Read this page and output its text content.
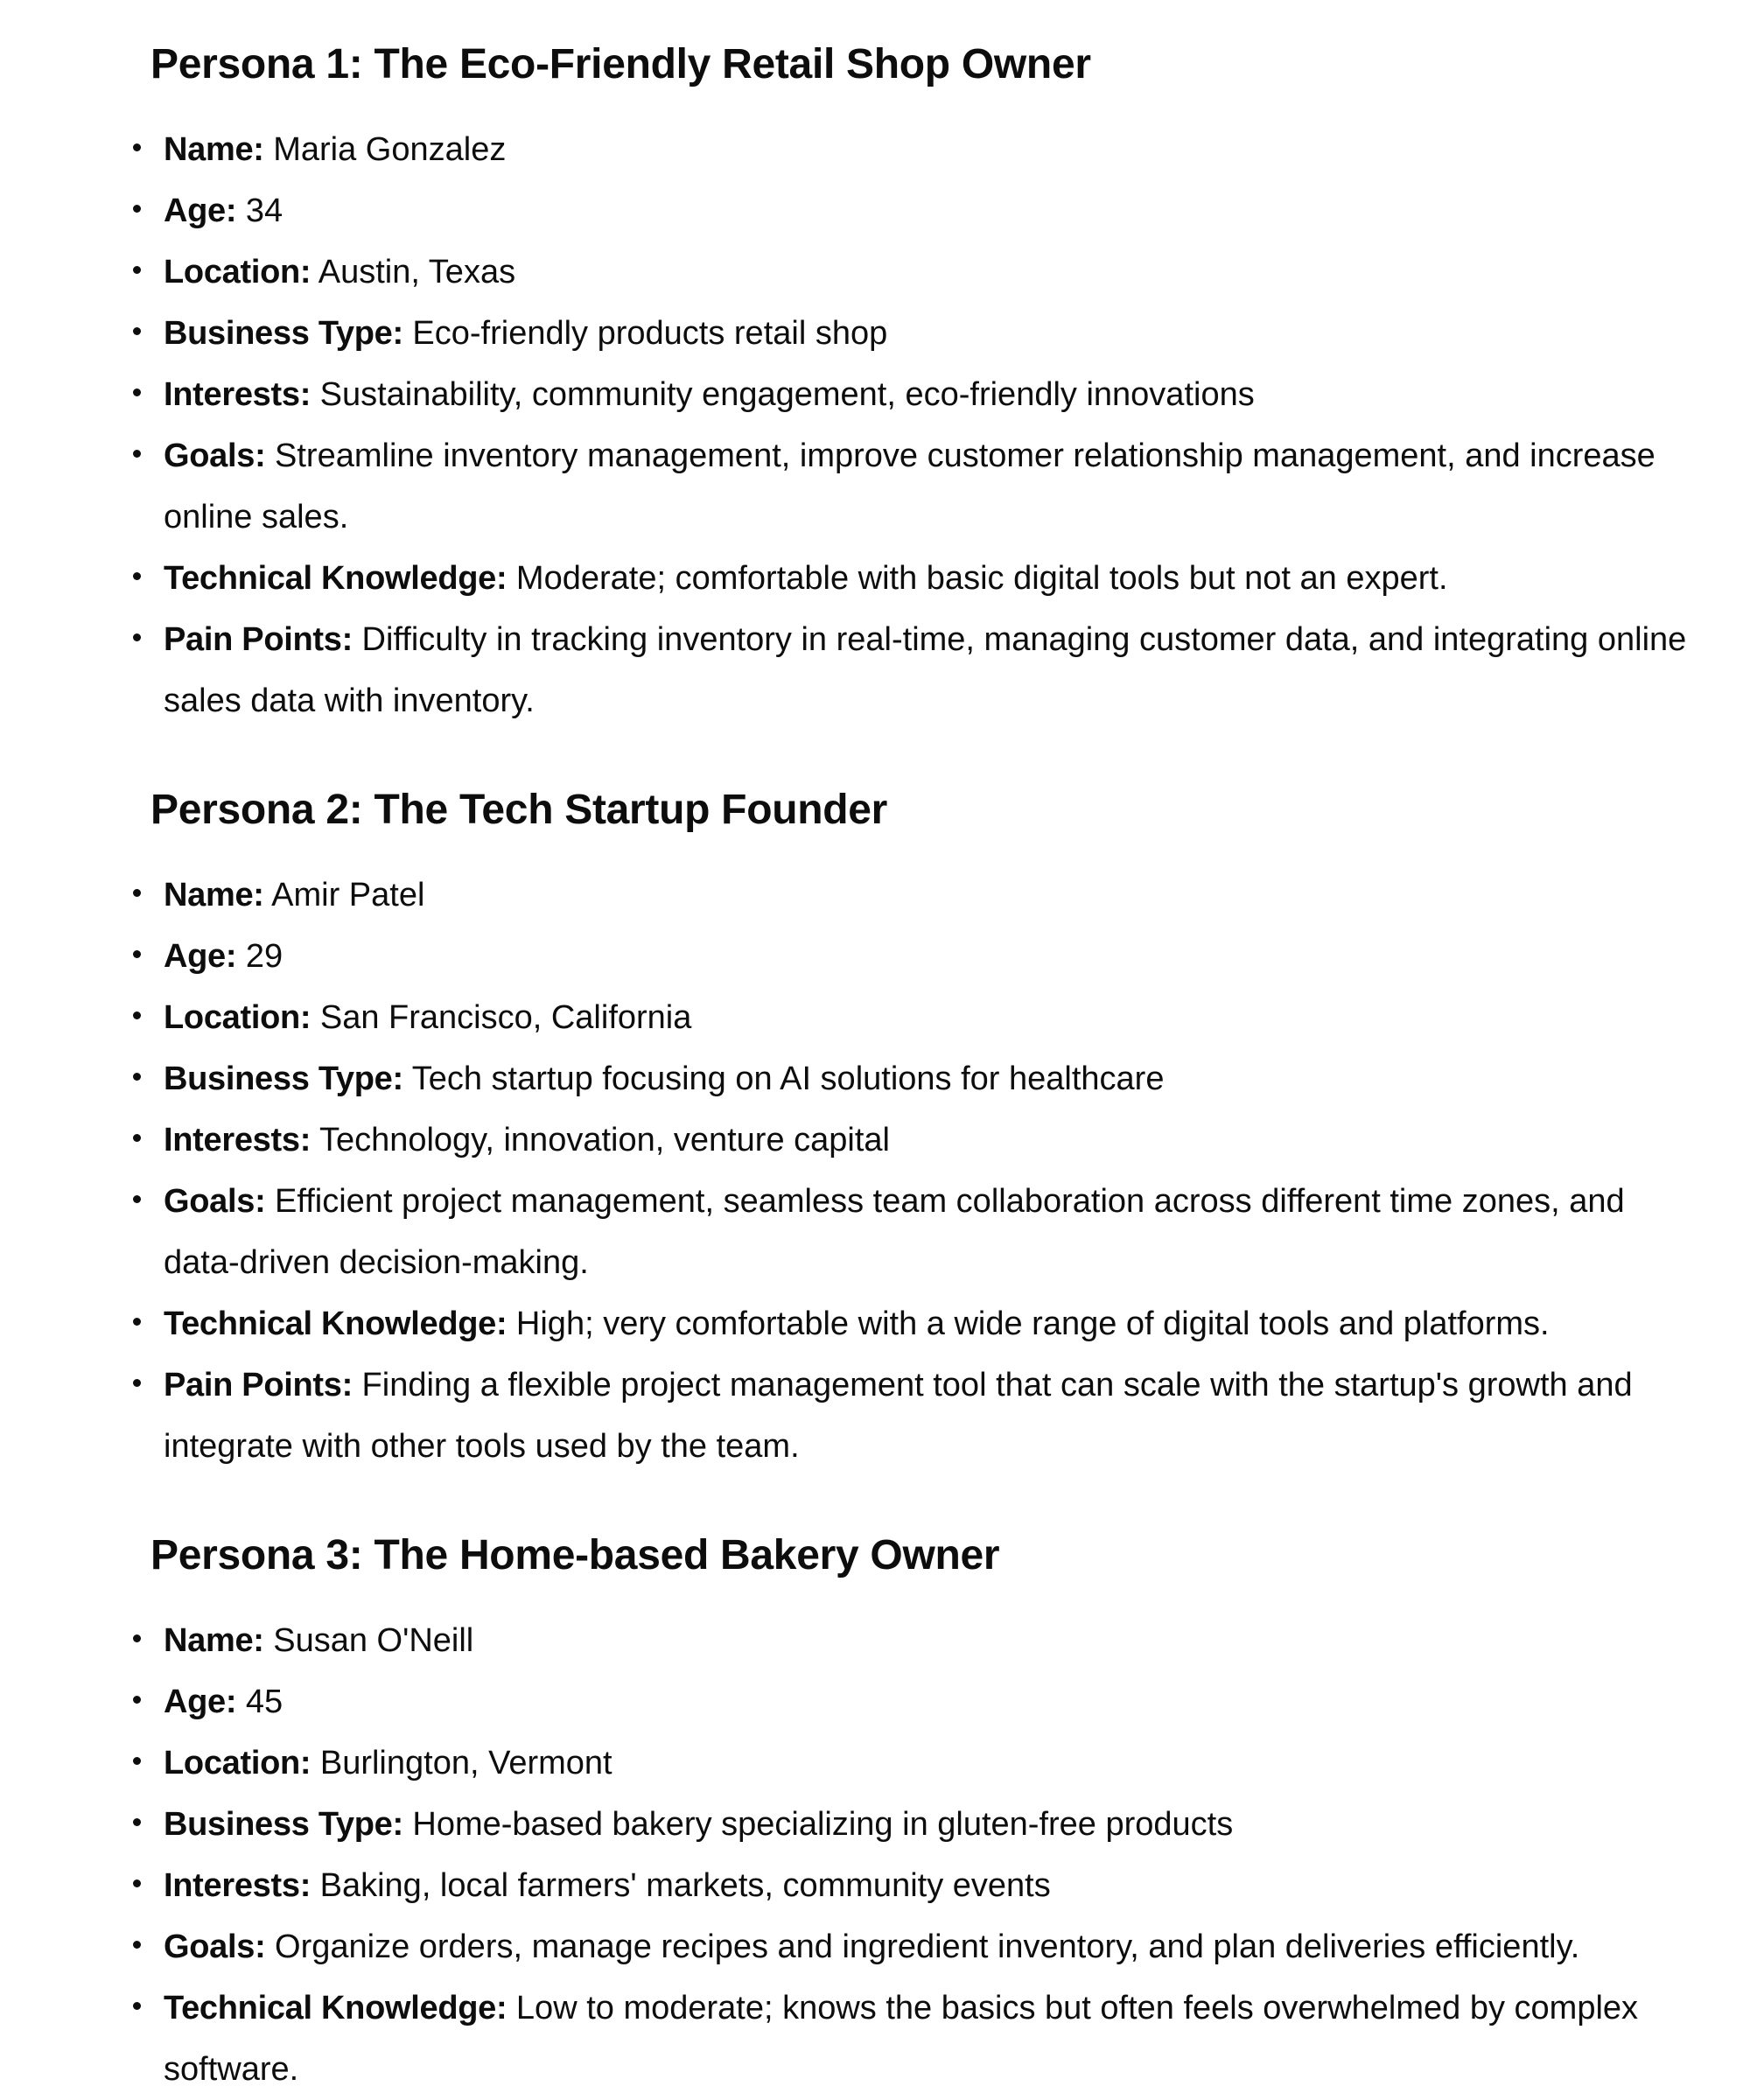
Persona 1: The Eco-Friendly Retail Shop Owner
Name: Maria Gonzalez
Age: 34
Location: Austin, Texas
Business Type: Eco-friendly products retail shop
Interests: Sustainability, community engagement, eco-friendly innovations
Goals: Streamline inventory management, improve customer relationship management, and increase online sales.
Technical Knowledge: Moderate; comfortable with basic digital tools but not an expert.
Pain Points: Difficulty in tracking inventory in real-time, managing customer data, and integrating online sales data with inventory.
Persona 2: The Tech Startup Founder
Name: Amir Patel
Age: 29
Location: San Francisco, California
Business Type: Tech startup focusing on AI solutions for healthcare
Interests: Technology, innovation, venture capital
Goals: Efficient project management, seamless team collaboration across different time zones, and data-driven decision-making.
Technical Knowledge: High; very comfortable with a wide range of digital tools and platforms.
Pain Points: Finding a flexible project management tool that can scale with the startup's growth and integrate with other tools used by the team.
Persona 3: The Home-based Bakery Owner
Name: Susan O'Neill
Age: 45
Location: Burlington, Vermont
Business Type: Home-based bakery specializing in gluten-free products
Interests: Baking, local farmers' markets, community events
Goals: Organize orders, manage recipes and ingredient inventory, and plan deliveries efficiently.
Technical Knowledge: Low to moderate; knows the basics but often feels overwhelmed by complex software.
